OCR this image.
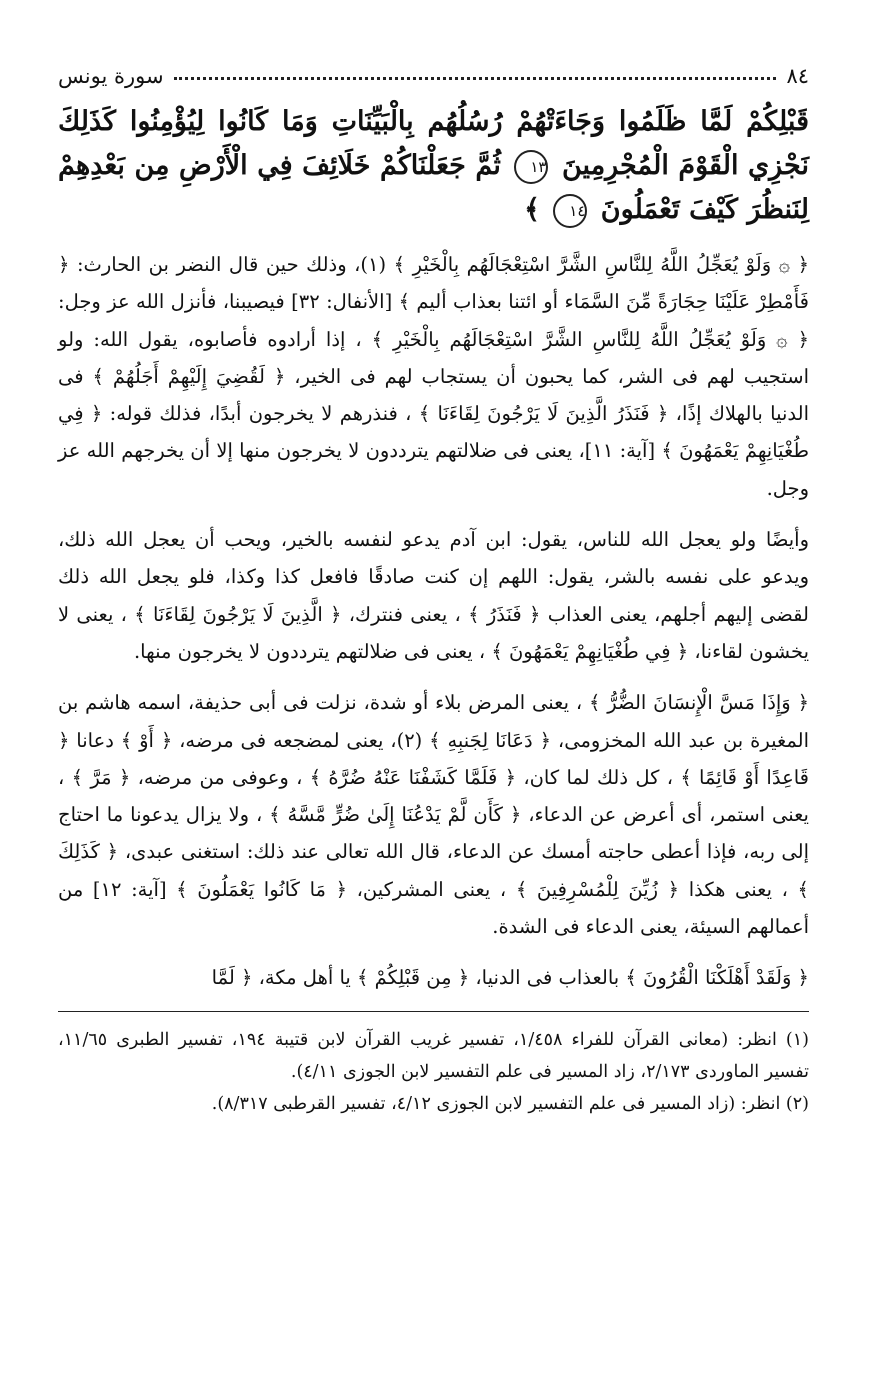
٨٤
سورة يونس
قَبْلِكُمْ لَمَّا ظَلَمُوا وَجَاءَتْهُمْ رُسُلُهُم بِالْبَيِّنَاتِ وَمَا كَانُوا لِيُؤْمِنُوا كَذَلِكَ نَجْزِي الْقَوْمَ الْمُجْرِمِينَ ١٣ ثُمَّ جَعَلْنَاكُمْ خَلَائِفَ فِي الْأَرْضِ مِن بَعْدِهِمْ لِنَنظُرَ كَيْفَ تَعْمَلُونَ ١٤ ﴾

﴿ ۞ وَلَوْ يُعَجِّلُ اللَّهُ لِلنَّاسِ الشَّرَّ اسْتِعْجَالَهُم بِالْخَيْرِ ﴾ (١)، وذلك حين قال النضر بن الحارث: ﴿ فَأَمْطِرْ عَلَيْنَا حِجَارَةً مِّنَ السَّمَاء أو ائتنا بعذاب أليم ﴾ [الأنفال: ٣٢] فيصيبنا، فأنزل الله عز وجل: ﴿ ۞ وَلَوْ يُعَجِّلُ اللَّهُ لِلنَّاسِ الشَّرَّ اسْتِعْجَالَهُم بِالْخَيْرِ ﴾ ، إذا أرادوه فأصابوه، يقول الله: ولو استجيب لهم فى الشر، كما يحبون أن يستجاب لهم فى الخير، ﴿ لَقُضِيَ إِلَيْهِمْ أَجَلُهُمْ ﴾ فى الدنيا بالهلاك إذًا، ﴿ فَنَذَرُ الَّذِينَ لَا يَرْجُونَ لِقَاءَنَا ﴾ ، فنذرهم لا يخرجون أبدًا، فذلك قوله: ﴿ فِي طُغْيَانِهِمْ يَعْمَهُونَ ﴾ [آية: ١١]، يعنى فى ضلالتهم يترددون لا يخرجون منها إلا أن يخرجهم الله عز وجل.

وأيضًا ولو يعجل الله للناس، يقول: ابن آدم يدعو لنفسه بالخير، ويحب أن يعجل الله ذلك، ويدعو على نفسه بالشر، يقول: اللهم إن كنت صادقًا فافعل كذا وكذا، فلو يجعل الله ذلك لقضى إليهم أجلهم، يعنى العذاب ﴿ فَنَذَرُ ﴾ ، يعنى فنترك، ﴿ الَّذِينَ لَا يَرْجُونَ لِقَاءَنَا ﴾ ، يعنى لا يخشون لقاءنا، ﴿ فِي طُغْيَانِهِمْ يَعْمَهُونَ ﴾ ، يعنى فى ضلالتهم يترددون لا يخرجون منها.

﴿ وَإِذَا مَسَّ الْإِنسَانَ الضُّرُّ ﴾ ، يعنى المرض بلاء أو شدة، نزلت فى أبى حذيفة، اسمه هاشم بن المغيرة بن عبد الله المخزومى، ﴿ دَعَانَا لِجَنبِهِ ﴾ (٢)، يعنى لمضجعه فى مرضه، ﴿ أَوْ ﴾ دعانا ﴿ قَاعِدًا أَوْ قَائِمًا ﴾ ، كل ذلك لما كان، ﴿ فَلَمَّا كَشَفْنَا عَنْهُ ضُرَّهُ ﴾ ، وعوفى من مرضه، ﴿ مَرَّ ﴾ ، يعنى استمر، أى أعرض عن الدعاء، ﴿ كَأَن لَّمْ يَدْعُنَا إِلَىٰ ضُرٍّ مَّسَّهُ ﴾ ، ولا يزال يدعونا ما احتاج إلى ربه، فإذا أعطى حاجته أمسك عن الدعاء، قال الله تعالى عند ذلك: استغنى عبدى، ﴿ كَذَلِكَ ﴾ ، يعنى هكذا ﴿ زُيِّنَ لِلْمُسْرِفِينَ ﴾ ، يعنى المشركين، ﴿ مَا كَانُوا يَعْمَلُونَ ﴾ [آية: ١٢] من أعمالهم السيئة، يعنى الدعاء فى الشدة.

﴿ وَلَقَدْ أَهْلَكْنَا الْقُرُونَ ﴾ بالعذاب فى الدنيا، ﴿ مِن قَبْلِكُمْ ﴾ يا أهل مكة، ﴿ لَمَّا

(١) انظر: (معانى القرآن للفراء ١/٤٥٨، تفسير غريب القرآن لابن قتيبة ١٩٤، تفسير الطبرى ١١/٦٥، تفسير الماوردى ٢/١٧٣، زاد المسير فى علم التفسير لابن الجوزى ٤/١١).

(٢) انظر: (زاد المسير فى علم التفسير لابن الجوزى ٤/١٢، تفسير القرطبى ٨/٣١٧).
